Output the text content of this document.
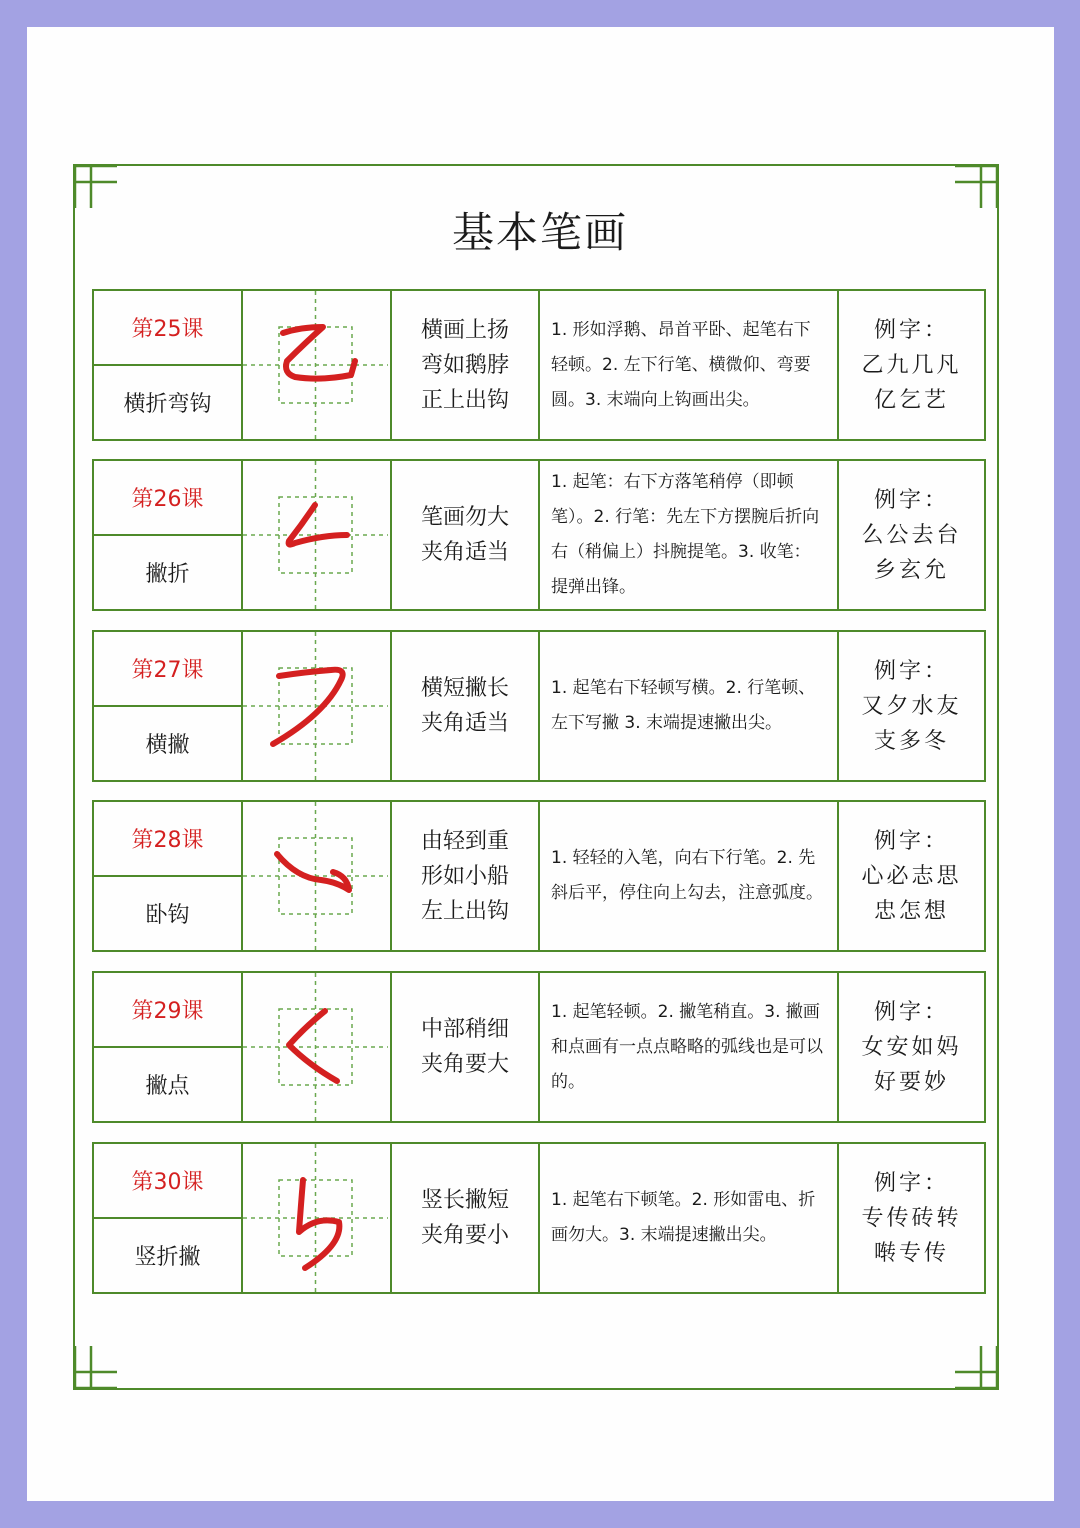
基本笔画
第25课
横折弯钩
横画上扬
弯如鹅脖
正上出钩
1. 形如浮鹅、昂首平卧、起笔右下轻顿。2. 左下行笔、横微仰、弯要圆。3. 末端向上钩画出尖。
例字：
乙九几凡
亿乞艺
第26课
撇折
笔画勿大
夹角适当
1. 起笔：右下方落笔稍停（即顿笔）。2. 行笔：先左下方摆腕后折向右（稍偏上）抖腕提笔。3. 收笔：提弹出锋。
例字：
么公去台
乡玄允
第27课
横撇
横短撇长
夹角适当
1. 起笔右下轻顿写横。2. 行笔顿、左下写撇 3. 末端提速撇出尖。
例字：
又夕水友
支多冬
第28课
卧钩
由轻到重
形如小船
左上出钩
1. 轻轻的入笔，向右下行笔。2. 先斜后平，停住向上勾去，注意弧度。
例字：
心必志思
忠怎想
第29课
撇点
中部稍细
夹角要大
1. 起笔轻顿。2. 撇笔稍直。3. 撇画和点画有一点点略略的弧线也是可以的。
例字：
女安如妈
好要妙
第30课
竖折撇
竖长撇短
夹角要小
1. 起笔右下顿笔。2. 形如雷电、折画勿大。3. 末端提速撇出尖。
例字：
专传砖转
啭专传
